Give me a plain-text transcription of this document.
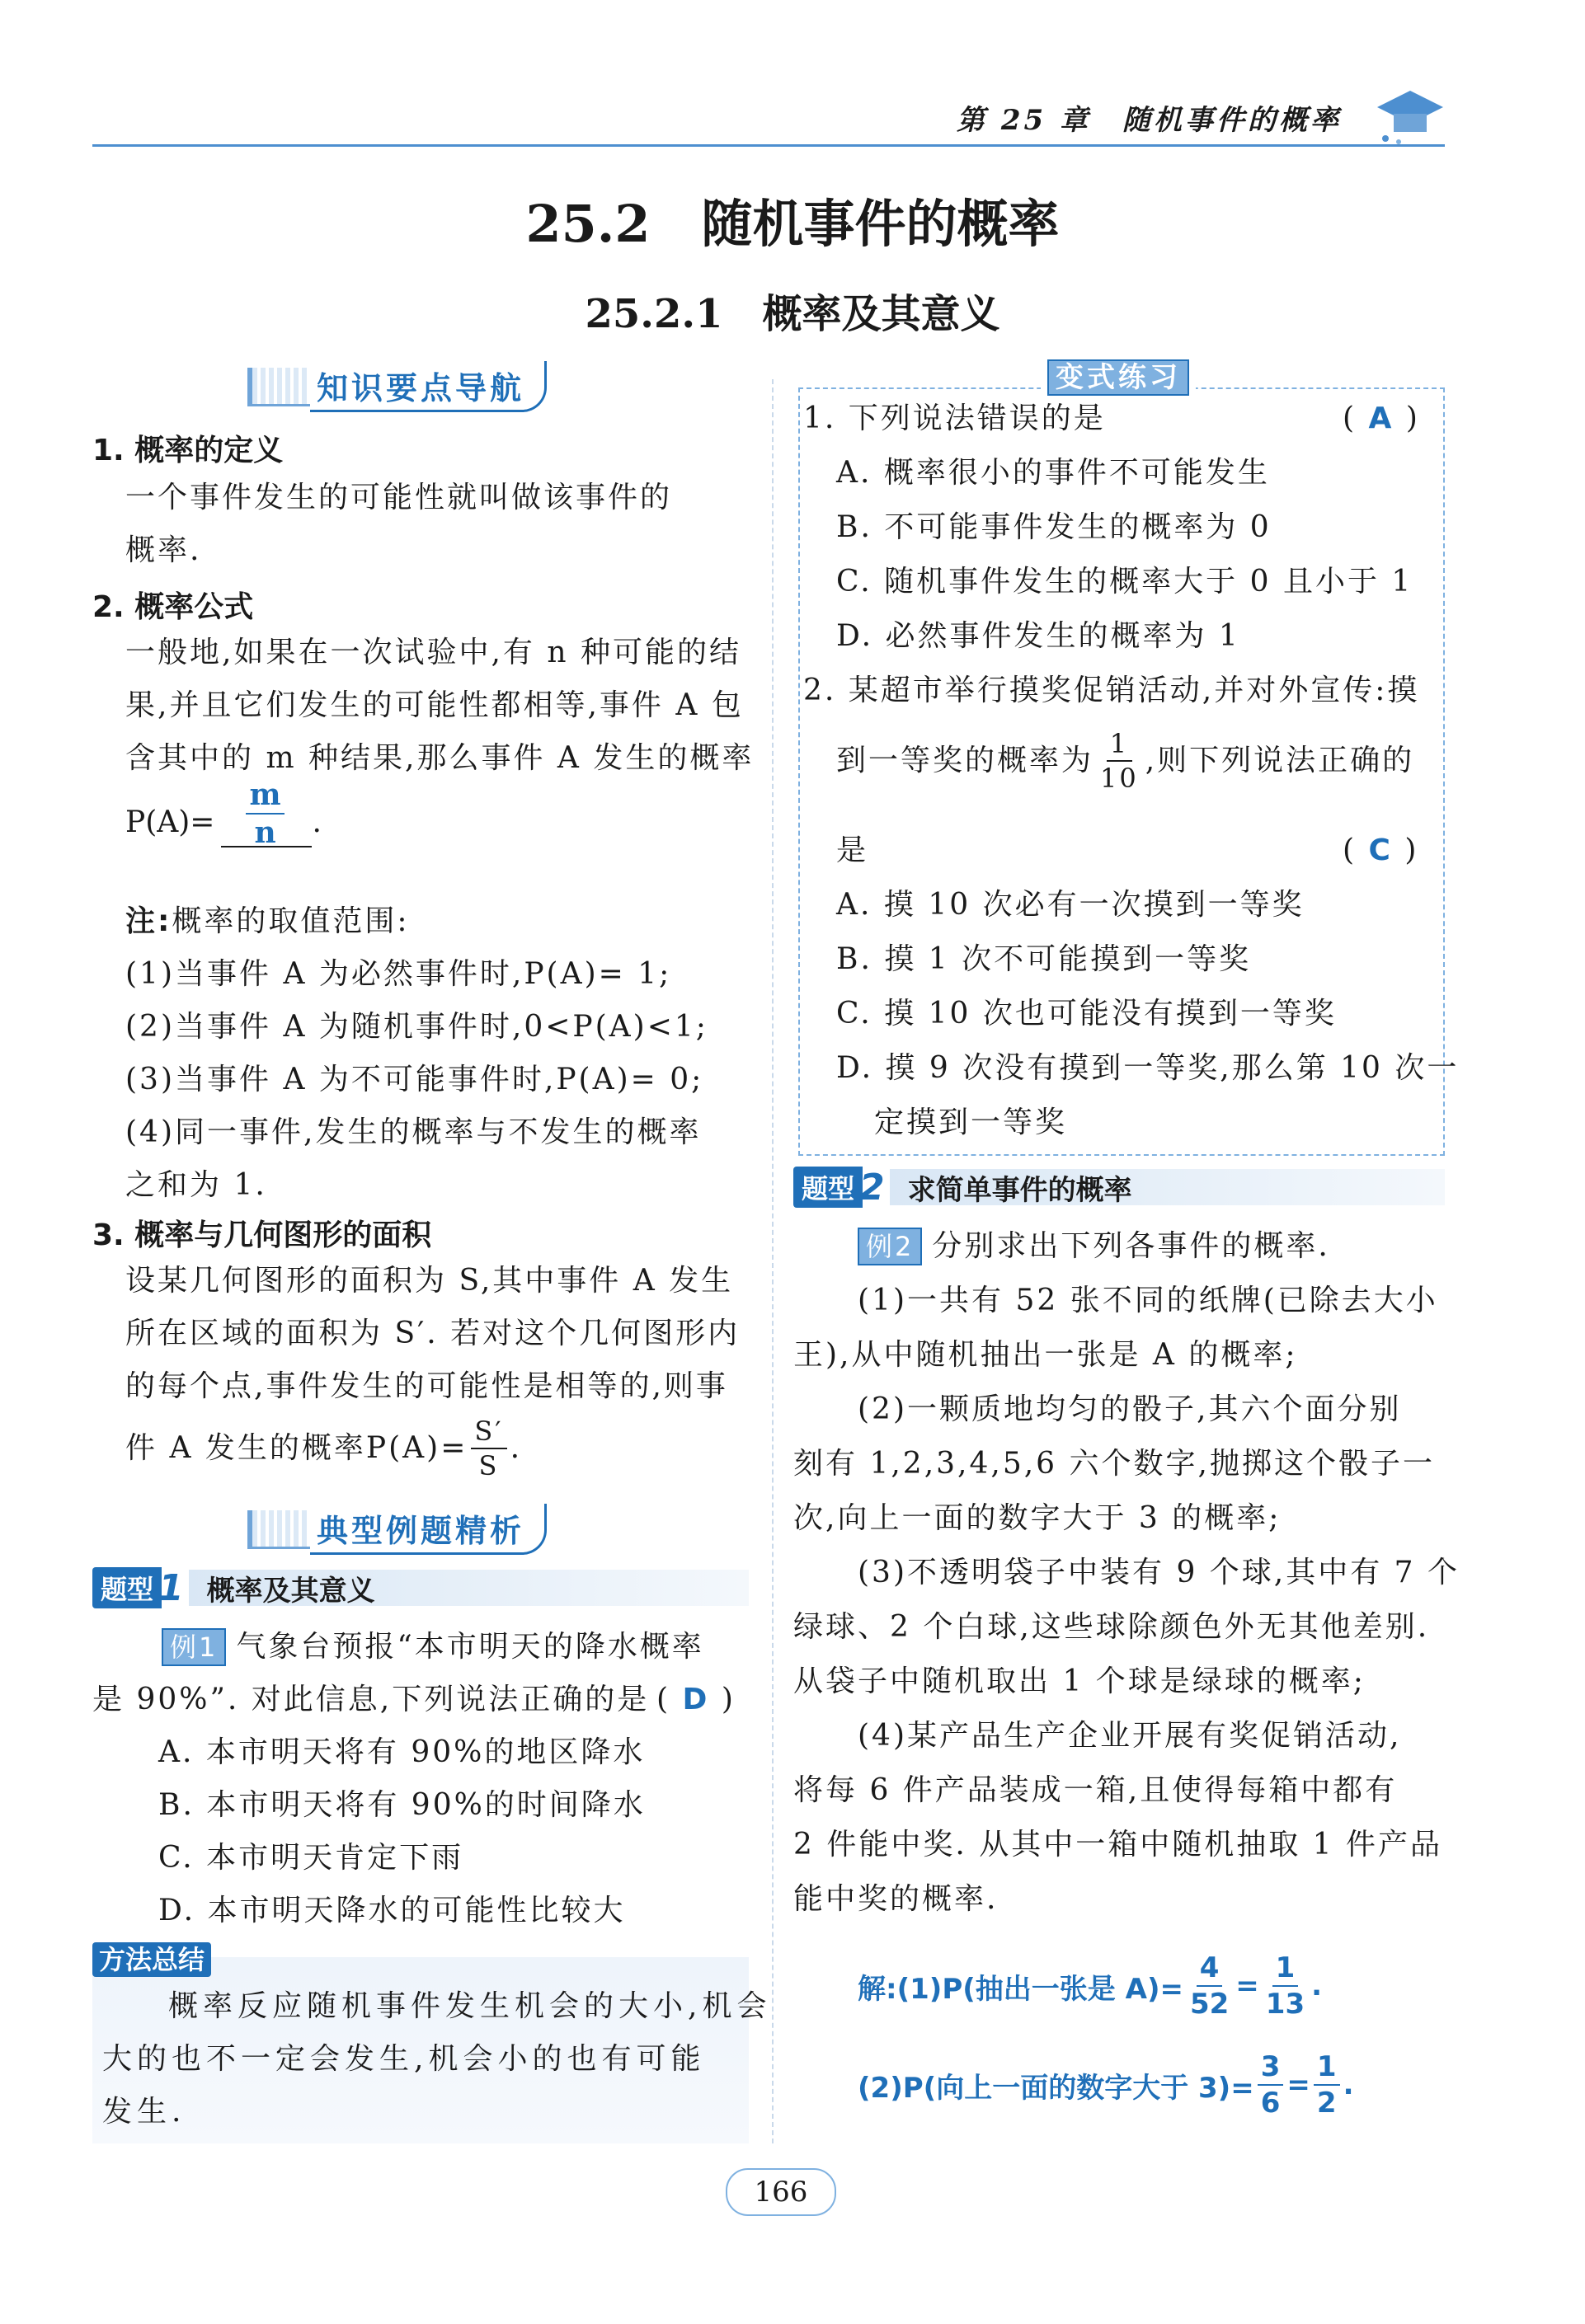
第 25 章　随机事件的概率
25.2　随机事件的概率
25.2.1　概率及其意义
知识要点导航
1. 概率的定义
一个事件发生的可能性就叫做该事件的
概率.
2. 概率公式
一般地,如果在一次试验中,有 n 种可能的结
果,并且它们发生的可能性都相等,事件 A 包
含其中的 m 种结果,那么事件 A 发生的概率
$P(A)= \frac{m}{n}$ .
注:概率的取值范围:
(1)当事件 A 为必然事件时,P(A)= 1;
(2)当事件 A 为随机事件时,0<P(A)<1;
(3)当事件 A 为不可能事件时,P(A)= 0;
(4)同一事件,发生的概率与不发生的概率
之和为 1.
3. 概率与几何图形的面积
设某几何图形的面积为 S,其中事件 A 发生
所在区域的面积为 S′. 若对这个几何图形内
的每个点,事件发生的可能性是相等的,则事
件 A 发生的概率$P(A)= \frac{S'}{S}$ .
典型例题精析
题型 1 概率及其意义
例1 气象台预报“本市明天的降水概率
是 90%”. 对此信息,下列说法正确的是 ( D )
A. 本市明天将有 90%的地区降水
B. 本市明天将有 90%的时间降水
C. 本市明天肯定下雨
D. 本市明天降水的可能性比较大
方法总结
概率反应随机事件发生机会的大小,机会
大的也不一定会发生,机会小的也有可能
发生.
变式练习
1. 下列说法错误的是	( A )
A. 概率很小的事件不可能发生
B. 不可能事件发生的概率为 0
C. 随机事件发生的概率大于 0 且小于 1
D. 必然事件发生的概率为 1
2. 某超市举行摸奖促销活动,并对外宣传:摸
到一等奖的概率为 $\frac{1}{10}$ ,则下列说法正确的
是	( C )
A. 摸 10 次必有一次摸到一等奖
B. 摸 1 次不可能摸到一等奖
C. 摸 10 次也可能没有摸到一等奖
D. 摸 9 次没有摸到一等奖,那么第 10 次一
定摸到一等奖
题型 2 求简单事件的概率
例2 分别求出下列各事件的概率.
(1)一共有 52 张不同的纸牌(已除去大小
王),从中随机抽出一张是 A 的概率;
(2)一颗质地均匀的骰子,其六个面分别
刻有 1,2,3,4,5,6 六个数字,抛掷这个骰子一
次,向上一面的数字大于 3 的概率;
(3)不透明袋子中装有 9 个球,其中有 7 个
绿球、2 个白球,这些球除颜色外无其他差别.
从袋子中随机取出 1 个球是绿球的概率;
(4)某产品生产企业开展有奖促销活动,
将每 6 件产品装成一箱,且使得每箱中都有
2 件能中奖. 从其中一箱中随机抽取 1 件产品
能中奖的概率.
解:(1)P(抽出一张是 $A)= \frac{4}{52} = \frac{1}{13}$ .
(2)P(向上一面的数字大于 $3)= \frac{3}{6} = \frac{1}{2}$ .
166
